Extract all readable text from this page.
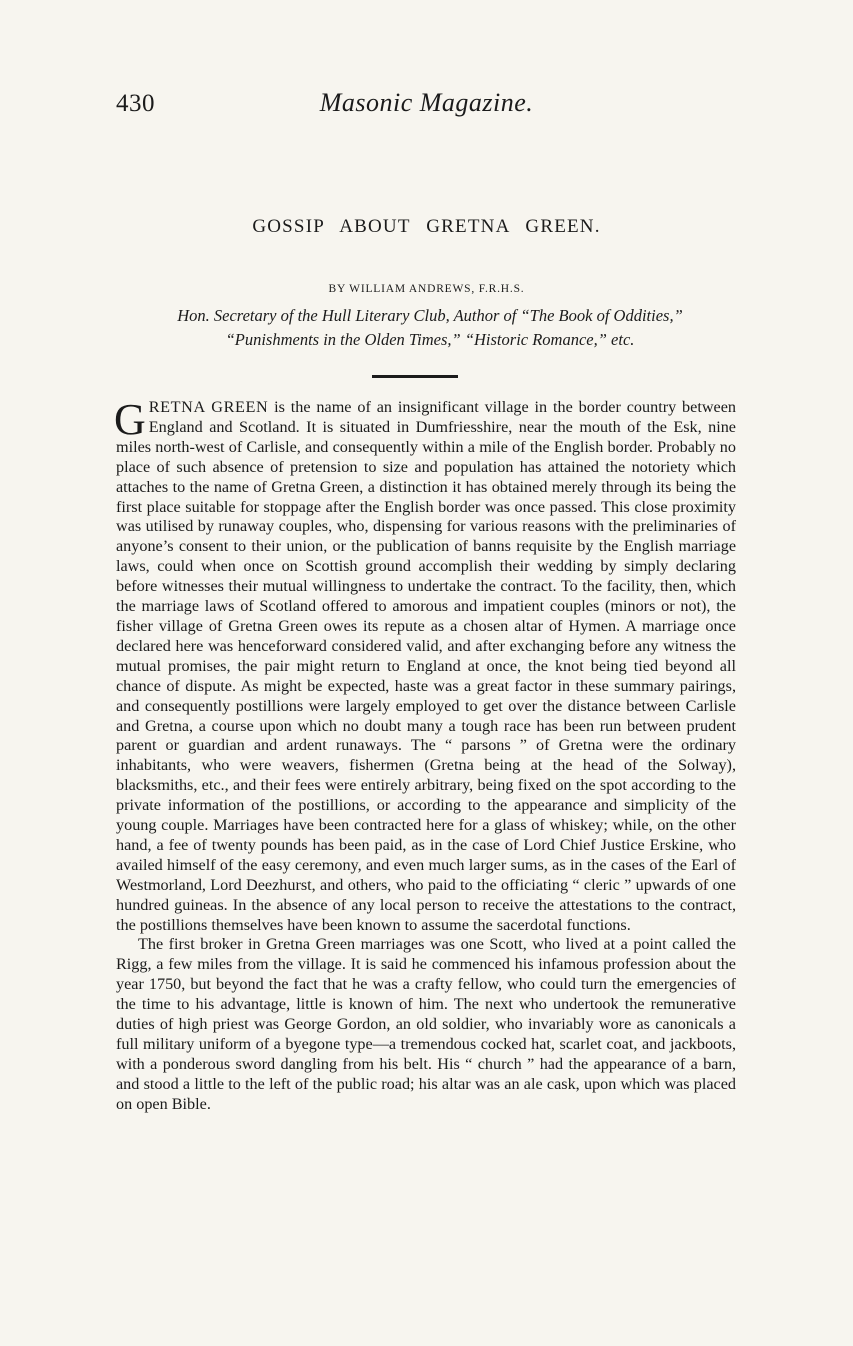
430	Masonic Magazine.
GOSSIP ABOUT GRETNA GREEN.
BY WILLIAM ANDREWS, F.R.H.S.
Hon. Secretary of the Hull Literary Club, Author of “The Book of Oddities,”
“Punishments in the Olden Times,” “Historic Romance,” etc.

GRETNA GREEN is the name of an insignificant village in the border country between England and Scotland. It is situated in Dumfriesshire, near the mouth of the Esk, nine miles north-west of Carlisle, and consequently within a mile of the English border. Probably no place of such absence of pretension to size and population has attained the notoriety which attaches to the name of Gretna Green, a distinction it has obtained merely through its being the first place suitable for stoppage after the English border was once passed. This close proximity was utilised by runaway couples, who, dispensing for various reasons with the preliminaries of anyone’s consent to their union, or the publication of banns requisite by the English marriage laws, could when once on Scottish ground accomplish their wedding by simply declaring before witnesses their mutual willingness to undertake the contract. To the facility, then, which the marriage laws of Scotland offered to amorous and impatient couples (minors or not), the fisher village of Gretna Green owes its repute as a chosen altar of Hymen. A marriage once declared here was henceforward considered valid, and after exchanging before any witness the mutual promises, the pair might return to England at once, the knot being tied beyond all chance of dispute. As might be expected, haste was a great factor in these summary pairings, and consequently postillions were largely employed to get over the distance between Carlisle and Gretna, a course upon which no doubt many a tough race has been run between prudent parent or guardian and ardent runaways. The “ parsons ” of Gretna were the ordinary inhabitants, who were weavers, fishermen (Gretna being at the head of the Solway), blacksmiths, etc., and their fees were entirely arbitrary, being fixed on the spot according to the private information of the postillions, or according to the appearance and simplicity of the young couple. Marriages have been contracted here for a glass of whiskey; while, on the other hand, a fee of twenty pounds has been paid, as in the case of Lord Chief Justice Erskine, who availed himself of the easy ceremony, and even much larger sums, as in the cases of the Earl of Westmorland, Lord Deezhurst, and others, who paid to the officiating “ cleric ” upwards of one hundred guineas. In the absence of any local person to receive the attestations to the contract, the postillions themselves have been known to assume the sacerdotal functions.

The first broker in Gretna Green marriages was one Scott, who lived at a point called the Rigg, a few miles from the village. It is said he commenced his infamous profession about the year 1750, but beyond the fact that he was a crafty fellow, who could turn the emergencies of the time to his advantage, little is known of him. The next who undertook the remunerative duties of high priest was George Gordon, an old soldier, who invariably wore as canonicals a full military uniform of a byegone type—a tremendous cocked hat, scarlet coat, and jackboots, with a ponderous sword dangling from his belt. His “ church ” had the appearance of a barn, and stood a little to the left of the public road; his altar was an ale cask, upon which was placed on open Bible.
